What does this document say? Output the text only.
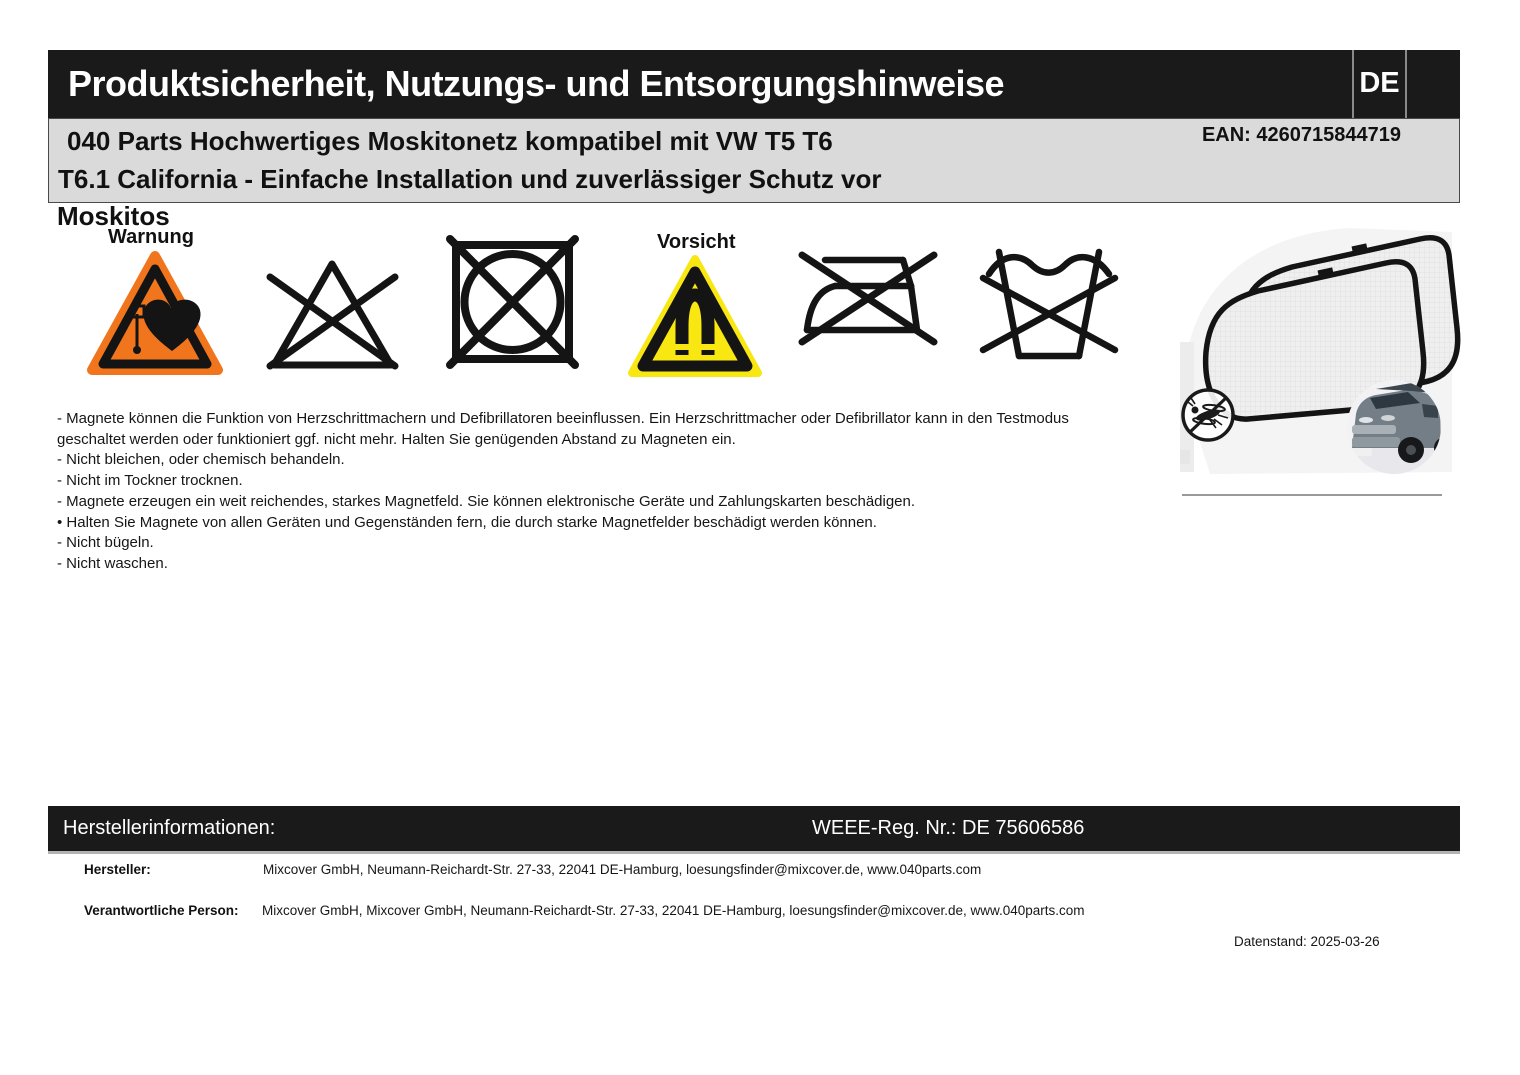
Produktsicherheit, Nutzungs- und Entsorgungshinweise	DE
040 Parts Hochwertiges Moskitonetz kompatibel mit VW T5 T6
T6.1 California - Einfache Installation und zuverlässiger Schutz vor
EAN: 4260715844719
Moskitos
Warnung	Vorsicht
- Magnete können die Funktion von Herzschrittmachern und Defibrillatoren beeinflussen. Ein Herzschrittmacher oder Defibrillator kann in den Testmodus
geschaltet werden oder funktioniert ggf. nicht mehr. Halten Sie genügenden Abstand zu Magneten ein.
- Nicht bleichen, oder chemisch behandeln.
- Nicht im Tockner trocknen.
- Magnete erzeugen ein weit reichendes, starkes Magnetfeld. Sie können elektronische Geräte und Zahlungskarten beschädigen.
• Halten Sie Magnete von allen Geräten und Gegenständen fern, die durch starke Magnetfelder beschädigt werden können.
- Nicht bügeln.
- Nicht waschen.
Herstellerinformationen:	WEEE-Reg. Nr.: DE 75606586
Hersteller:	Mixcover GmbH, Neumann-Reichardt-Str. 27-33, 22041 DE-Hamburg, loesungsfinder@mixcover.de, www.040parts.com
Verantwortliche Person: Mixcover GmbH, Mixcover GmbH, Neumann-Reichardt-Str. 27-33, 22041 DE-Hamburg, loesungsfinder@mixcover.de, www.040parts.com
Datenstand: 2025-03-26
